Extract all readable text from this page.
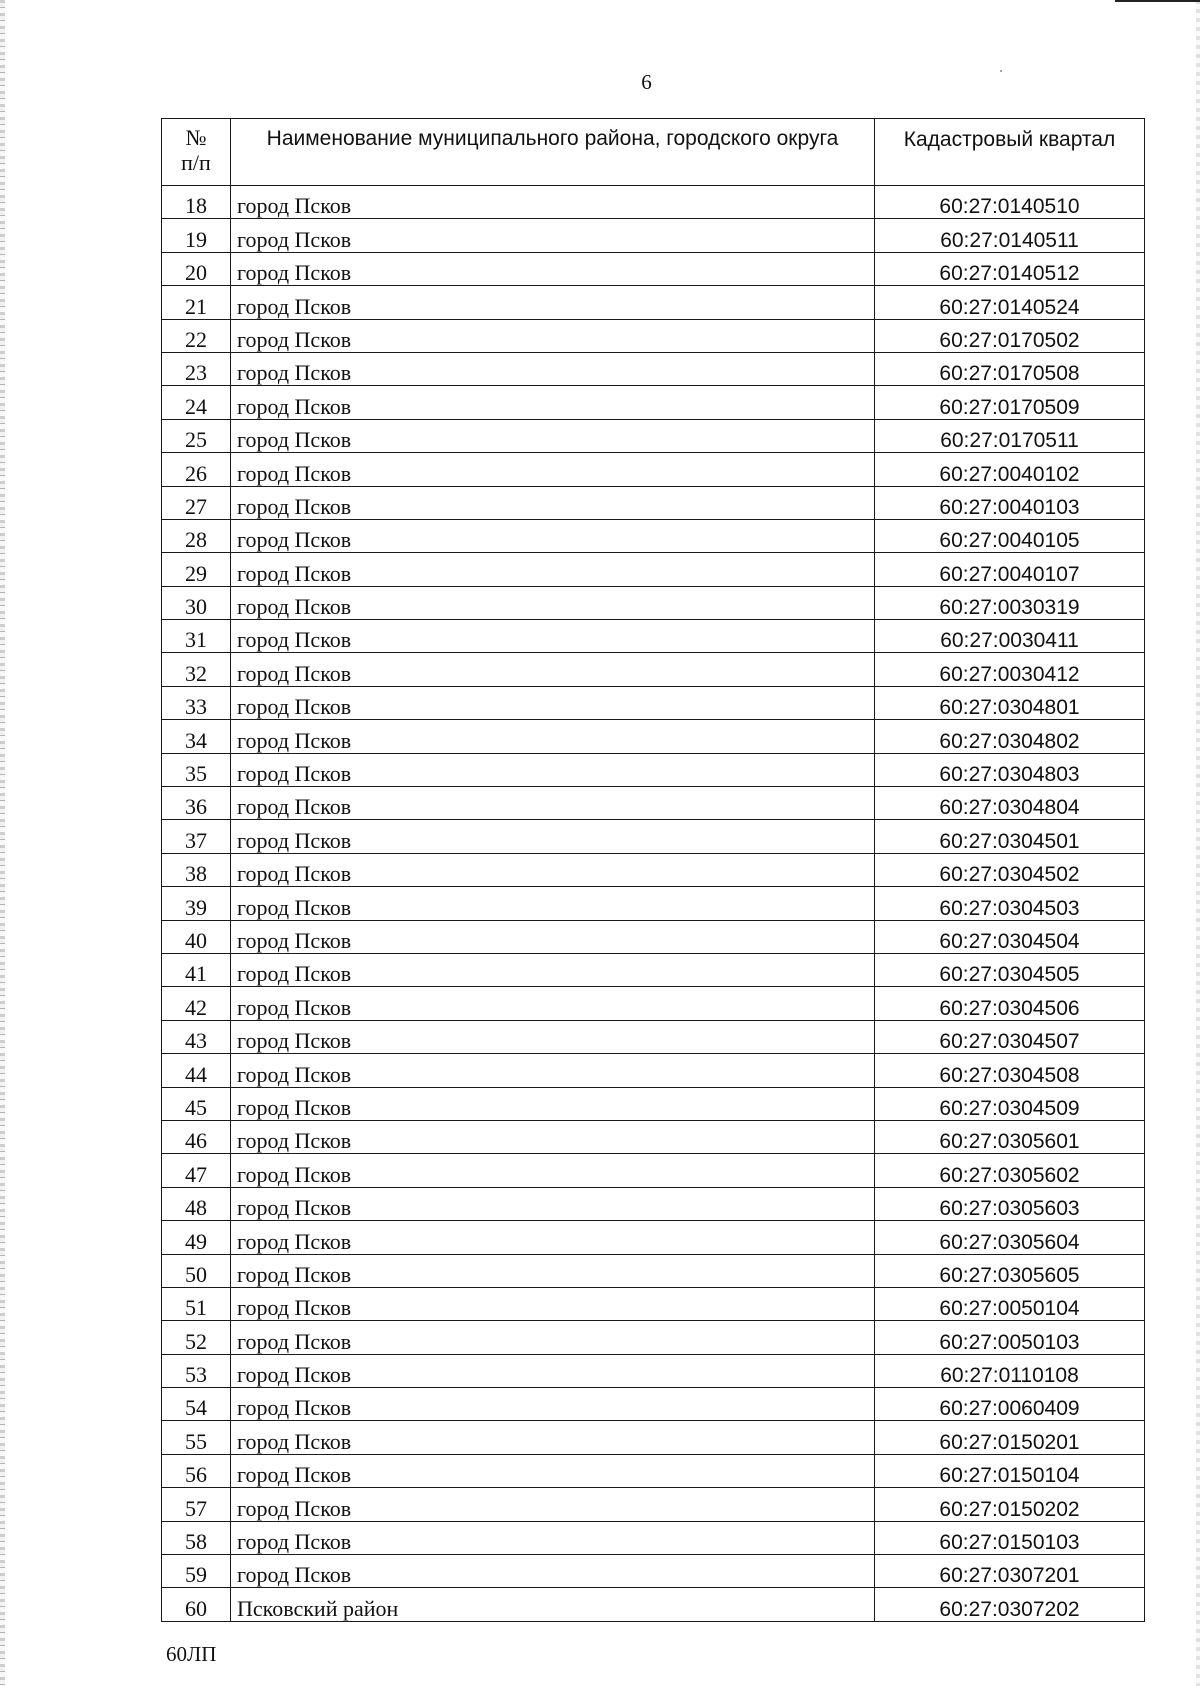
6
№ п/п	Наименование муниципального района, городского округа	Кадастровый квартал
18	город Псков	60:27:0140510
19	город Псков	60:27:0140511
20	город Псков	60:27:0140512
21	город Псков	60:27:0140524
22	город Псков	60:27:0170502
23	город Псков	60:27:0170508
24	город Псков	60:27:0170509
25	город Псков	60:27:0170511
26	город Псков	60:27:0040102
27	город Псков	60:27:0040103
28	город Псков	60:27:0040105
29	город Псков	60:27:0040107
30	город Псков	60:27:0030319
31	город Псков	60:27:0030411
32	город Псков	60:27:0030412
33	город Псков	60:27:0304801
34	город Псков	60:27:0304802
35	город Псков	60:27:0304803
36	город Псков	60:27:0304804
37	город Псков	60:27:0304501
38	город Псков	60:27:0304502
39	город Псков	60:27:0304503
40	город Псков	60:27:0304504
41	город Псков	60:27:0304505
42	город Псков	60:27:0304506
43	город Псков	60:27:0304507
44	город Псков	60:27:0304508
45	город Псков	60:27:0304509
46	город Псков	60:27:0305601
47	город Псков	60:27:0305602
48	город Псков	60:27:0305603
49	город Псков	60:27:0305604
50	город Псков	60:27:0305605
51	город Псков	60:27:0050104
52	город Псков	60:27:0050103
53	город Псков	60:27:0110108
54	город Псков	60:27:0060409
55	город Псков	60:27:0150201
56	город Псков	60:27:0150104
57	город Псков	60:27:0150202
58	город Псков	60:27:0150103
59	город Псков	60:27:0307201
60	Псковский район	60:27:0307202
60ЛП
